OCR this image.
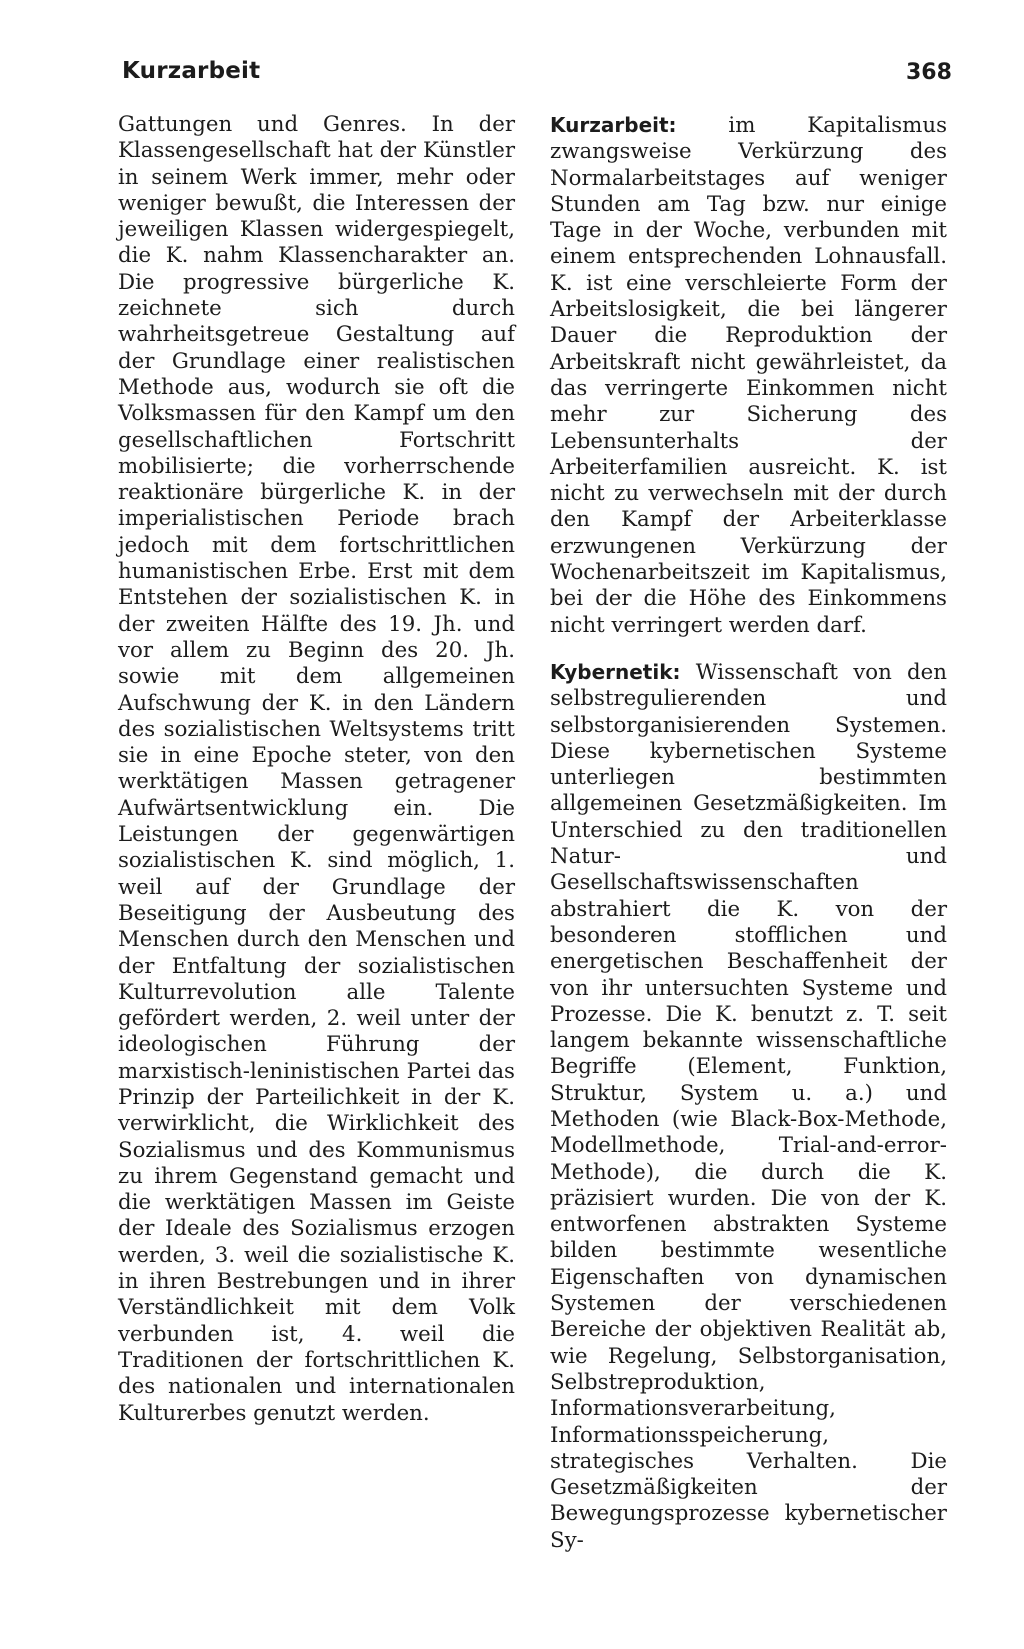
Kurzarbeit	368

Gattungen und Genres. In der Klassengesellschaft hat der Künstler in seinem Werk immer, mehr oder weniger bewußt, die Interessen der jeweiligen Klassen widergespiegelt, die K. nahm Klassencharakter an. Die progressive bürgerliche K. zeichnete sich durch wahrheitsgetreue Gestaltung auf der Grundlage einer realistischen Methode aus, wodurch sie oft die Volksmassen für den Kampf um den gesellschaftlichen Fortschritt mobilisierte; die vorherrschende reaktionäre bürgerliche K. in der imperialistischen Periode brach jedoch mit dem fortschrittlichen humanistischen Erbe. Erst mit dem Entstehen der sozialistischen K. in der zweiten Hälfte des 19. Jh. und vor allem zu Beginn des 20. Jh. sowie mit dem allgemeinen Aufschwung der K. in den Ländern des sozialistischen Weltsystems tritt sie in eine Epoche steter, von den werktätigen Massen getragener Aufwärtsentwicklung ein. Die Leistungen der gegenwärtigen sozialistischen K. sind möglich, 1. weil auf der Grundlage der Beseitigung der Ausbeutung des Menschen durch den Menschen und der Entfaltung der sozialistischen Kulturrevolution alle Talente gefördert werden, 2. weil unter der ideologischen Führung der marxistisch-leninistischen Partei das Prinzip der Parteilichkeit in der K. verwirklicht, die Wirklichkeit des Sozialismus und des Kommunismus zu ihrem Gegenstand gemacht und die werktätigen Massen im Geiste der Ideale des Sozialismus erzogen werden, 3. weil die sozialistische K. in ihren Bestrebungen und in ihrer Verständlichkeit mit dem Volk verbunden ist, 4. weil die Traditionen der fortschrittlichen K. des nationalen und internationalen Kulturerbes genutzt werden.

Kurzarbeit: im Kapitalismus zwangsweise Verkürzung des Normalarbeitstages auf weniger Stunden am Tag bzw. nur einige Tage in der Woche, verbunden mit einem entsprechenden Lohnausfall. K. ist eine verschleierte Form der Arbeitslosigkeit, die bei längerer Dauer die Reproduktion der Arbeitskraft nicht gewährleistet, da das verringerte Einkommen nicht mehr zur Sicherung des Lebensunterhalts der Arbeiterfamilien ausreicht. K. ist nicht zu verwechseln mit der durch den Kampf der Arbeiterklasse erzwungenen Verkürzung der Wochenarbeitszeit im Kapitalismus, bei der die Höhe des Einkommens nicht verringert werden darf.

Kybernetik: Wissenschaft von den selbstregulierenden und selbstorganisierenden Systemen. Diese kybernetischen Systeme unterliegen bestimmten allgemeinen Gesetzmäßigkeiten. Im Unterschied zu den traditionellen Natur- und Gesellschaftswissenschaften abstrahiert die K. von der besonderen stofflichen und energetischen Beschaffenheit der von ihr untersuchten Systeme und Prozesse. Die K. benutzt z. T. seit langem bekannte wissenschaftliche Begriffe (Element, Funktion, Struktur, System u. a.) und Methoden (wie Black-Box-Methode, Modellmethode, Trial-and-error-Methode), die durch die K. präzisiert wurden. Die von der K. entworfenen abstrakten Systeme bilden bestimmte wesentliche Eigenschaften von dynamischen Systemen der verschiedenen Bereiche der objektiven Realität ab, wie Regelung, Selbstorganisation, Selbstreproduktion, Informationsverarbeitung, Informationsspeicherung, strategisches Verhalten. Die Gesetzmäßigkeiten der Bewegungsprozesse kybernetischer Sy-
